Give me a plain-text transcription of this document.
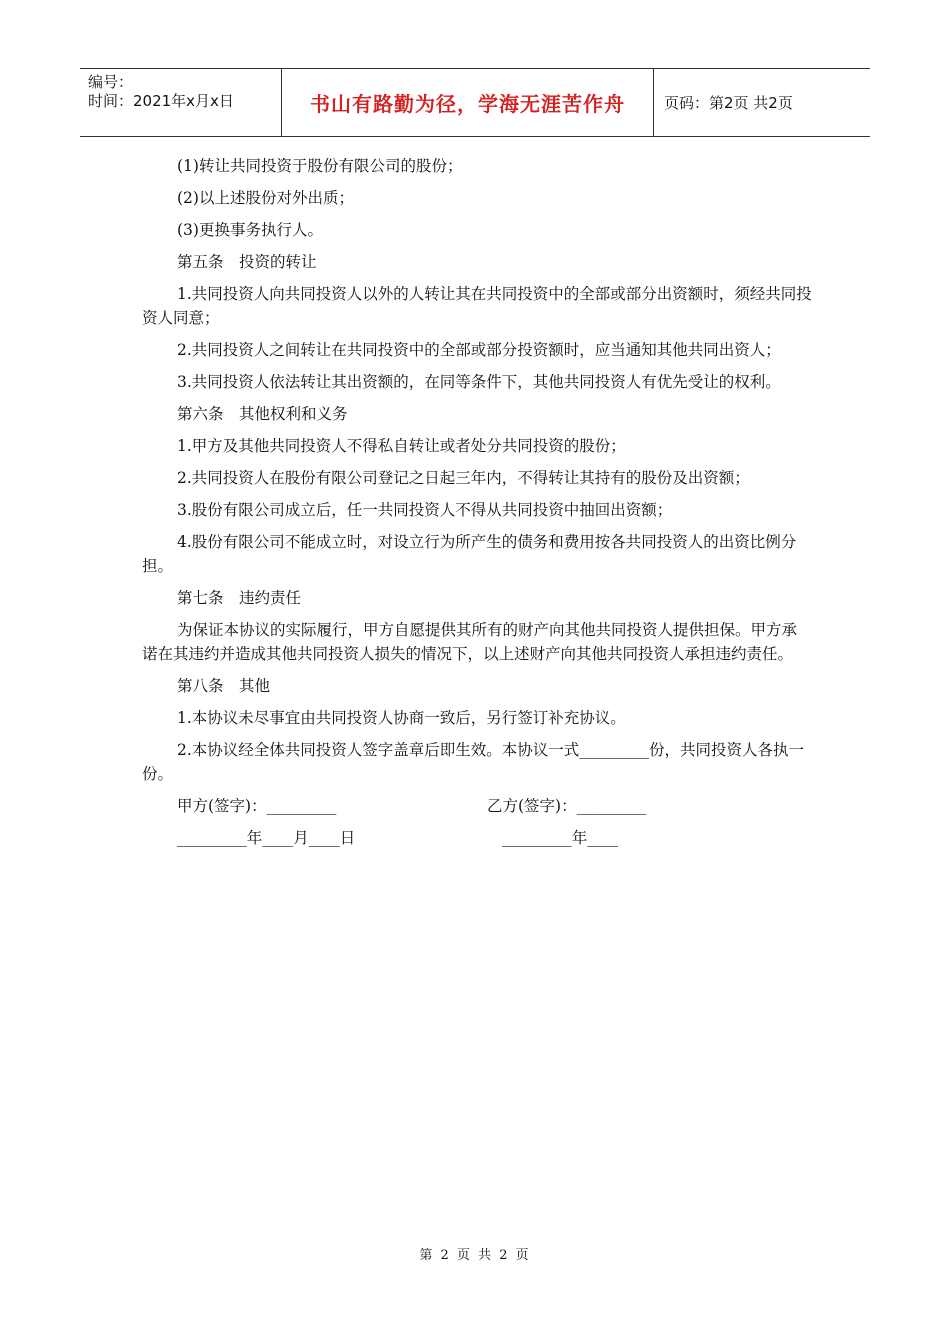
编号：
时间：2021年x月x日	书山有路勤为径，学海无涯苦作舟	页码：第2页 共2页

(1)转让共同投资于股份有限公司的股份；

(2)以上述股份对外出质；

(3)更换事务执行人。

第五条　投资的转让

1.共同投资人向共同投资人以外的人转让其在共同投资中的全部或部分出资额时，须经共同投资人同意；

2.共同投资人之间转让在共同投资中的全部或部分投资额时，应当通知其他共同出资人；

3.共同投资人依法转让其出资额的，在同等条件下，其他共同投资人有优先受让的权利。

第六条　其他权利和义务

1.甲方及其他共同投资人不得私自转让或者处分共同投资的股份；

2.共同投资人在股份有限公司登记之日起三年内，不得转让其持有的股份及出资额；

3.股份有限公司成立后，任一共同投资人不得从共同投资中抽回出资额；

4.股份有限公司不能成立时，对设立行为所产生的债务和费用按各共同投资人的出资比例分担。

第七条　违约责任

为保证本协议的实际履行，甲方自愿提供其所有的财产向其他共同投资人提供担保。甲方承诺在其违约并造成其他共同投资人损失的情况下，以上述财产向其他共同投资人承担违约责任。

第八条　其他

1.本协议未尽事宜由共同投资人协商一致后，另行签订补充协议。

2.本协议经全体共同投资人签字盖章后即生效。本协议一式_________份，共同投资人各执一份。

甲方(签字)：_________	乙方(签字)：_________
_________年____月____日	_________年____
第 2 页 共 2 页
